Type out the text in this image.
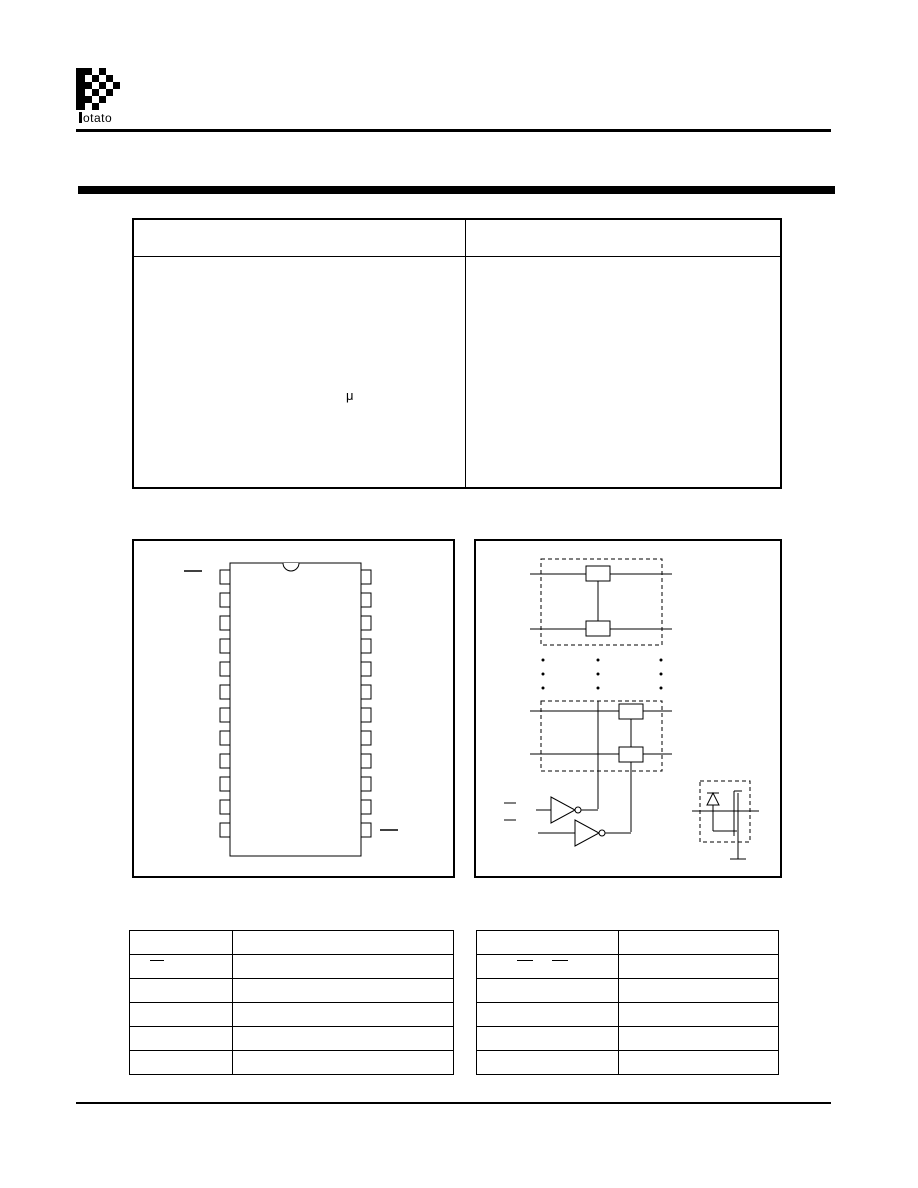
otato
μ
